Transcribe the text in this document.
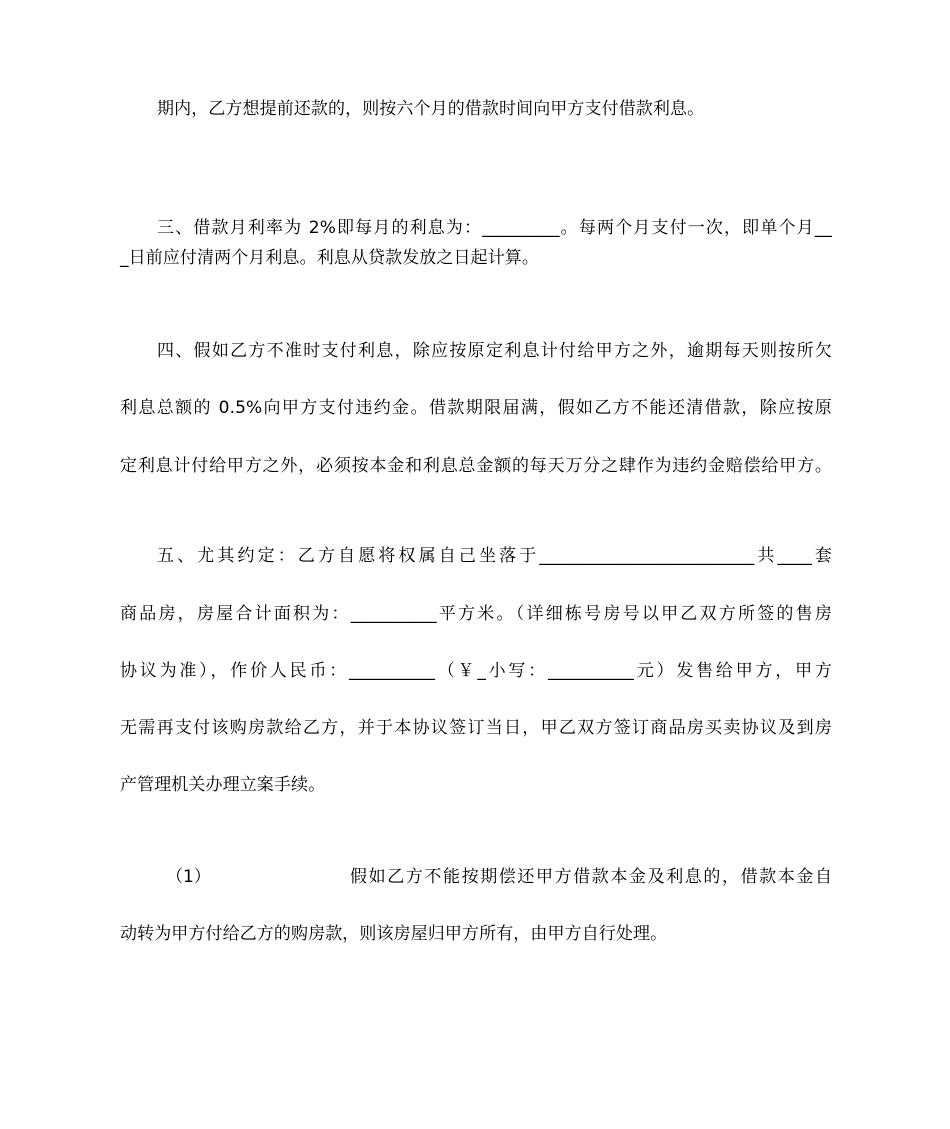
期内，乙方想提前还款的，则按六个月的借款时间向甲方支付借款利息。
三、借款月利率为 2%即每月的利息为：_________。每两个月支付一次，即单个月__
_日前应付清两个月利息。利息从贷款发放之日起计算。
四、假如乙方不准时支付利息，除应按原定利息计付给甲方之外，逾期每天则按所欠
利息总额的 0.5%向甲方支付违约金。借款期限届满，假如乙方不能还清借款，除应按原
定利息计付给甲方之外，必须按本金和利息总金额的每天万分之肆作为违约金赔偿给甲方。
五、尤其约定：乙方自愿将权属自己坐落于_________________________共____套
商品房，房屋合计面积为：__________平方米。（详细栋号房号以甲乙双方所签的售房
协议为准），作价人民币：__________（￥_小写：__________元）发售给甲方，甲方
无需再支付该购房款给乙方，并于本协议签订当日，甲乙双方签订商品房买卖协议及到房
产管理机关办理立案手续。
（1）	假如乙方不能按期偿还甲方借款本金及利息的，借款本金自
动转为甲方付给乙方的购房款，则该房屋归甲方所有，由甲方自行处理。
